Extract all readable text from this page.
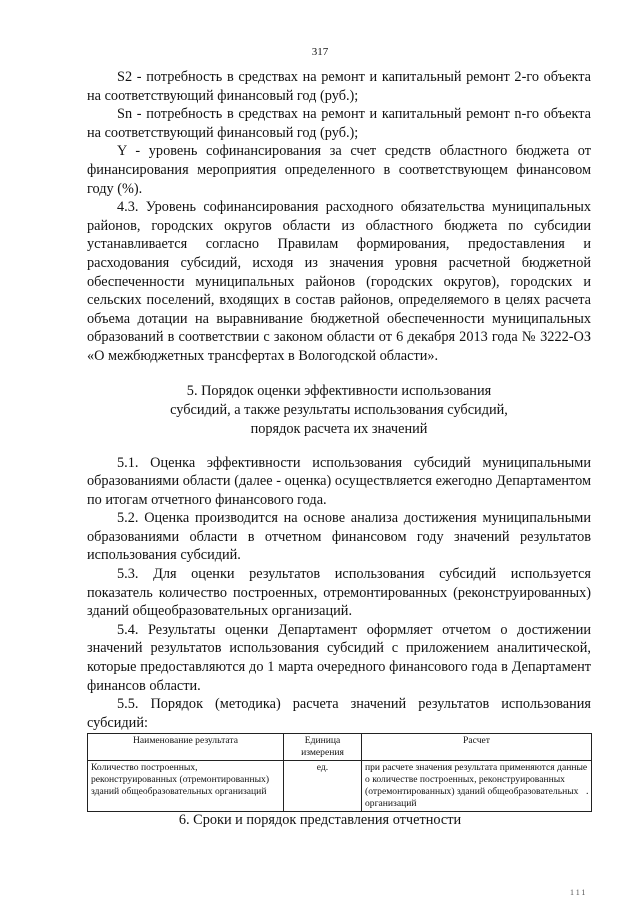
317

S2 - потребность в средствах на ремонт и капитальный ремонт 2-го объекта на соответствующий финансовый год (руб.);

Sn - потребность в средствах на ремонт и капитальный ремонт n-го объекта на соответствующий финансовый год (руб.);

Y - уровень софинансирования за счет средств областного бюджета от финансирования мероприятия определенного в соответствующем финансовом году (%).

4.3. Уровень софинансирования расходного обязательства муниципальных районов, городских округов области из областного бюджета по субсидии устанавливается согласно Правилам формирования, предоставления и расходования субсидий, исходя из значения уровня расчетной бюджетной обеспеченности муниципальных районов (городских округов), городских и сельских поселений, входящих в состав районов, определяемого в целях расчета объема дотации на выравнивание бюджетной обеспеченности муниципальных образований в соответствии с законом области от 6 декабря 2013 года № 3222-ОЗ «О межбюджетных трансфертах в Вологодской области».

5. Порядок оценки эффективности использования
субсидий, а также результаты использования субсидий,
порядок расчета их значений

5.1. Оценка эффективности использования субсидий муниципальными образованиями области (далее - оценка) осуществляется ежегодно Департаментом по итогам отчетного финансового года.

5.2. Оценка производится на основе анализа достижения муниципальными образованиями области в отчетном финансовом году значений результатов использования субсидий.

5.3. Для оценки результатов использования субсидий используется показатель количество построенных, отремонтированных (реконструированных) зданий общеобразовательных организаций.

5.4. Результаты оценки Департамент оформляет отчетом о достижении значений результатов использования субсидий с приложением аналитической, которые предоставляются до 1 марта очередного финансового года в Департамент финансов области.

5.5. Порядок (методика) расчета значений результатов использования субсидий:

Наименование результата	Единица измерения	Расчет
Количество построенных, реконструированных (отремонтированных) зданий общеобразовательных организаций	ед.	при расчете значения результата применяются данные о количестве построенных, реконструированных (отремонтированных) зданий общеобразовательных организаций
.
6. Сроки и порядок представления отчетности
111
